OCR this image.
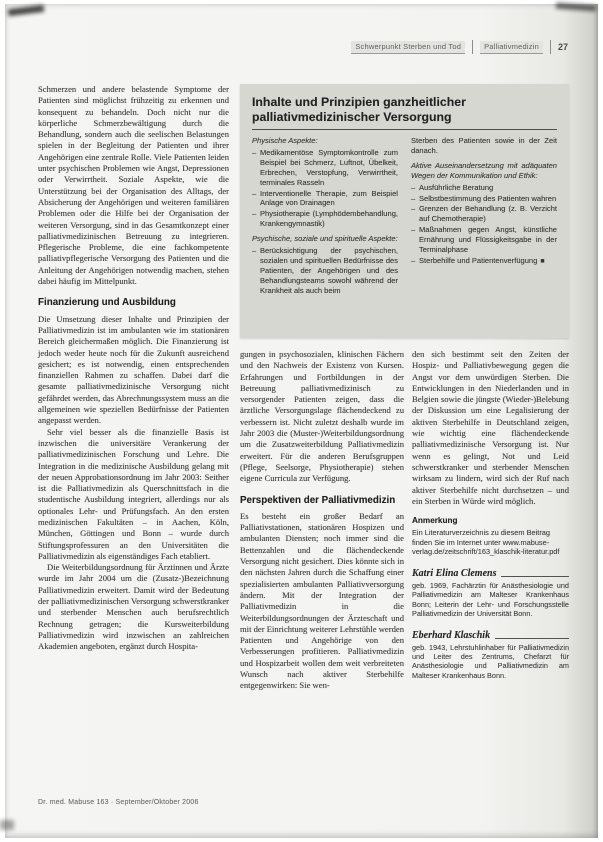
Schwerpunkt Sterben und Tod	Palliativmedizin	27

Schmerzen und andere belastende Symptome der Patienten sind möglichst frühzeitig zu erkennen und konsequent zu behandeln. Doch nicht nur die körperliche Schmerzbewältigung durch die Behandlung, sondern auch die seelischen Belastungen spielen in der Begleitung der Patienten und ihrer Angehörigen eine zentrale Rolle. Viele Patienten leiden unter psychischen Problemen wie Angst, Depressionen oder Verwirrtheit. Soziale Aspekte, wie die Unterstützung bei der Organisation des Alltags, der Absicherung der Angehörigen und weiteren familiären Problemen oder die Hilfe bei der Organisation der weiteren Versorgung, sind in das Gesamtkonzept einer palliativmedizinischen Betreuung zu integrieren. Pflegerische Probleme, die eine fachkompetente palliativpflegerische Versorgung des Patienten und die Anleitung der Angehörigen notwendig machen, stehen dabei häufig im Mittelpunkt.

Finanzierung und Ausbildung

Die Umsetzung dieser Inhalte und Prinzipien der Palliativmedizin ist im ambulanten wie im stationären Bereich gleichermaßen möglich. Die Finanzierung ist jedoch weder heute noch für die Zukunft ausreichend gesichert; es ist notwendig, einen entsprechenden finanziellen Rahmen zu schaffen. Dabei darf die gesamte palliativmedizinische Versorgung nicht gefährdet werden, das Abrechnungssystem muss an die allgemeinen wie speziellen Bedürfnisse der Patienten angepasst werden.

Sehr viel besser als die finanzielle Basis ist inzwischen die universitäre Verankerung der palliativmedizinischen Forschung und Lehre. Die Integration in die medizinische Ausbildung gelang mit der neuen Approbationsordnung im Jahr 2003: Seither ist die Palliativmedizin als Querschnittsfach in die studentische Ausbildung integriert, allerdings nur als optionales Lehr- und Prüfungsfach. An den ersten medizinischen Fakultäten – in Aachen, Köln, München, Göttingen und Bonn – wurde durch Stiftungsprofessuren an den Universitäten die Palliativmedizin als eigenständiges Fach etabliert.

Die Weiterbildungsordnung für Ärztinnen und Ärzte wurde im Jahr 2004 um die (Zusatz-)Bezeichnung Palliativmedizin erweitert. Damit wird der Bedeutung der palliativmedizinischen Versorgung schwerstkranker und sterbender Menschen auch berufsrechtlich Rechnung getragen; die Kursweiterbildung Palliativmedizin wird inzwischen an zahlreichen Akademien angeboten, ergänzt durch Hospita-

Inhalte und Prinzipien ganzheitlicher palliativmedizinischer Versorgung
Physische Aspekte:
– Medikamentöse Symptomkontrolle zum Beispiel bei Schmerz, Luftnot, Übelkeit, Erbrechen, Verstopfung, Verwirrtheit, terminales Rasseln
– Interventionelle Therapie, zum Beispiel Anlage von Drainagen
– Physiotherapie (Lymphödembehandlung, Krankengymnastik)
Psychische, soziale und spirituelle Aspekte:
– Berücksichtigung der psychischen, sozialen und spirituellen Bedürfnisse des Patienten, der Angehörigen und des Behandlungsteams sowohl während der Krankheit als auch beim
Sterben des Patienten sowie in der Zeit danach.
Aktive Auseinandersetzung mit adäquaten Wegen der Kommunikation und Ethik:
– Ausführliche Beratung
– Selbstbestimmung des Patienten wahren
– Grenzen der Behandlung (z. B. Verzicht auf Chemotherapie)
– Maßnahmen gegen Angst, künstliche Ernährung und Flüssigkeitsgabe in der Terminalphase
– Sterbehilfe und Patientenverfügung ■

gungen in psychosozialen, klinischen Fächern und den Nachweis der Existenz von Kursen. Erfahrungen und Fortbildungen in der Betreuung palliativmedizinisch zu versorgender Patienten zeigen, dass die ärztliche Versorgungslage flächendeckend zu verbessern ist. Nicht zuletzt deshalb wurde im Jahr 2003 die (Muster-)Weiterbildungsordnung um die Zusatzweiterbildung Palliativmedizin erweitert. Für die anderen Berufsgruppen (Pflege, Seelsorge, Physiotherapie) stehen eigene Curricula zur Verfügung.

Perspektiven der Palliativmedizin

Es besteht ein großer Bedarf an Palliativstationen, stationären Hospizen und ambulanten Diensten; noch immer sind die Bettenzahlen und die flächendeckende Versorgung nicht gesichert. Dies könnte sich in den nächsten Jahren durch die Schaffung einer spezialisierten ambulanten Palliativversorgung ändern. Mit der Integration der Palliativmedizin in die Weiterbildungsordnungen der Ärzteschaft und mit der Einrichtung weiterer Lehrstühle werden Patienten und Angehörige von den Verbesserungen profitieren. Palliativmedizin und Hospizarbeit wollen dem weit verbreiteten Wunsch nach aktiver Sterbehilfe entgegenwirken: Sie wen-

den sich bestimmt seit den Zeiten der Hospiz- und Palliativbewegung gegen die Angst vor dem unwürdigen Sterben. Die Entwicklungen in den Niederlanden und in Belgien sowie die jüngste (Wieder-)Belebung der Diskussion um eine Legalisierung der aktiven Sterbehilfe in Deutschland zeigen, wie wichtig eine flächendeckende palliativmedizinische Versorgung ist. Nur wenn es gelingt, Not und Leid schwerstkranker und sterbender Menschen wirksam zu lindern, wird sich der Ruf nach aktiver Sterbehilfe nicht durchsetzen – und ein Sterben in Würde wird möglich.

Anmerkung
Ein Literaturverzeichnis zu diesem Beitrag finden Sie im Internet unter www.mabuse-verlag.de/zeitschrift/163_klaschik-literatur.pdf
Katri Elina Clemens
geb. 1969, Fachärztin für Anästhesiologie und Palliativmedizin am Malteser Krankenhaus Bonn; Leiterin der Lehr- und Forschungsstelle Palliativmedizin der Universität Bonn.
Eberhard Klaschik
geb. 1943, Lehrstuhlinhaber für Palliativmedizin und Leiter des Zentrums, Chefarzt für Anästhesiologie und Palliativmedizin am Malteser Krankenhaus Bonn.
Dr. med. Mabuse 163 · September/Oktober 2006
